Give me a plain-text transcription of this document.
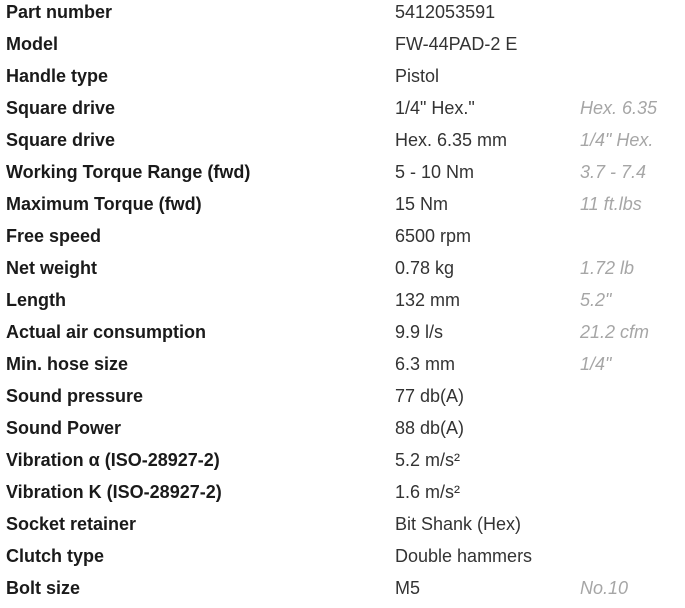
Part number	5412053591
Model	FW-44PAD-2 E
Handle type	Pistol
Square drive	1/4" Hex."	Hex. 6.35
Square drive	Hex. 6.35 mm	1/4" Hex.
Working Torque Range (fwd)	5 - 10 Nm	3.7 - 7.4
Maximum Torque (fwd)	15 Nm	11 ft.lbs
Free speed	6500 rpm
Net weight	0.78 kg	1.72 lb
Length	132 mm	5.2"
Actual air consumption	9.9 l/s	21.2 cfm
Min. hose size	6.3 mm	1/4"
Sound pressure	77 db(A)
Sound Power	88 db(A)
Vibration α (ISO-28927-2)	5.2 m/s²
Vibration K (ISO-28927-2)	1.6 m/s²
Socket retainer	Bit Shank (Hex)
Clutch type	Double hammers
Bolt size	M5	No.10
